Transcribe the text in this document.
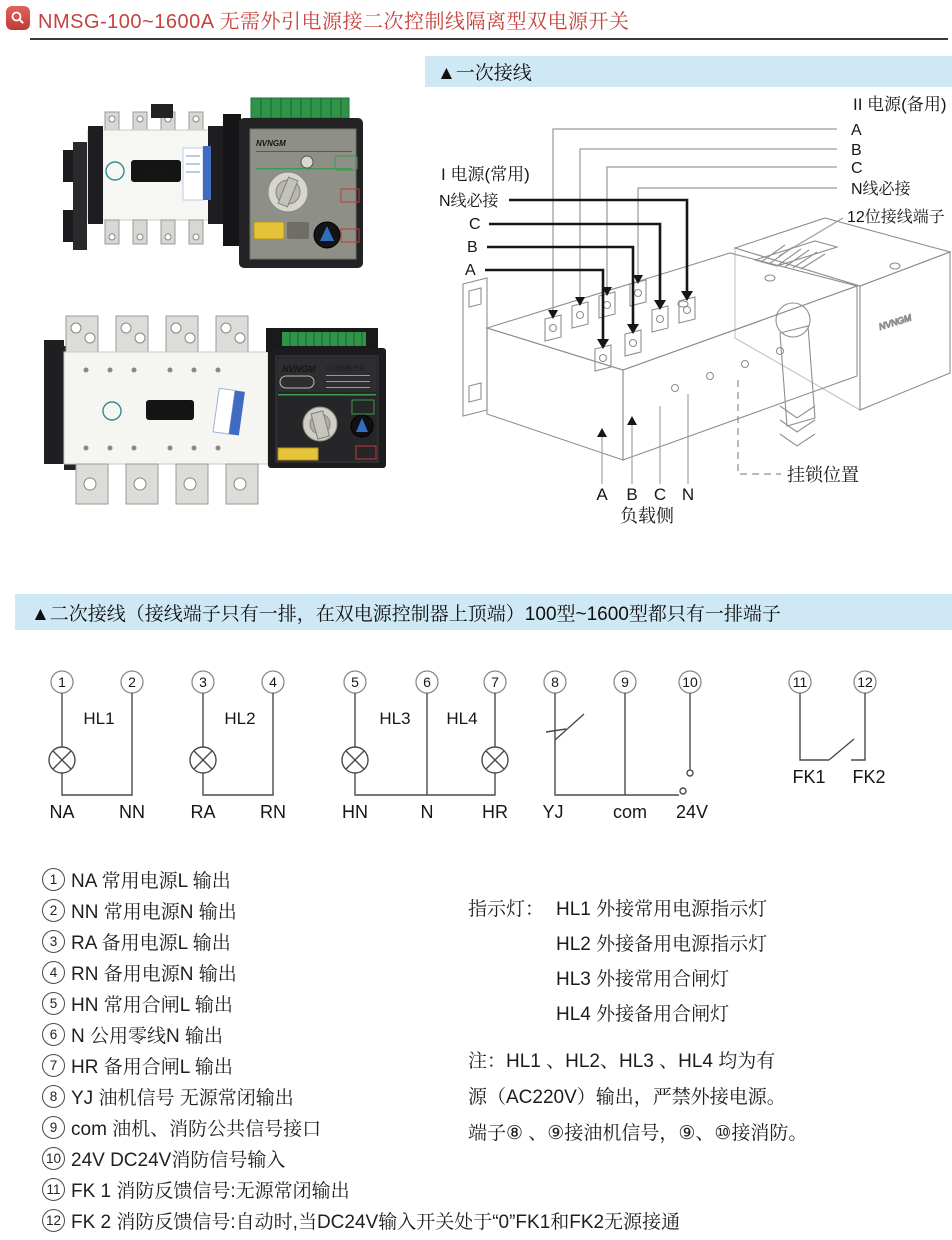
NMSG-100~1600A 无需外引电源接二次控制线隔离型双电源开关
100A
NVNGM
250A
NVNGM 自动转换开关
▲一次接线
NVNGM
II 电源(备用)
A
B
C
N线必接
12位接线端子
I 电源(常用)
N线必接
C
B
A
A B C N
负载侧
挂锁位置
▲二次接线（接线端子只有一排，在双电源控制器上顶端）100型~1600型都只有一排端子
1	2	3	4	5	6	7	8	9	10	11	12
HL1	HL2	HL3 HL4
NA NN	RA RN	HN	N	HR YJ	com 24V
FK1 FK2
1 NA 常用电源L 输出
2 NN 常用电源N 输出
3 RA 备用电源L 输出
4 RN 备用电源N 输出
5 HN 常用合闸L 输出
6 N 公用零线N 输出
7 HR 备用合闸L 输出
8 YJ 油机信号 无源常闭输出
9 com 油机、消防公共信号接口
10 24V DC24V消防信号输入
11 FK 1 消防反馈信号:无源常闭输出
12 FK 2 消防反馈信号:自动时,当DC24V输入开关处于“0”FK1和FK2无源接通
指示灯： HL1 外接常用电源指示灯
HL2 外接备用电源指示灯
HL3 外接常用合闸灯
HL4 外接备用合闸灯
注：HL1 、HL2、HL3 、HL4 均为有
源（AC220V）输出，严禁外接电源。
端子⑧ 、⑨接油机信号，⑨、⑩接消防。
